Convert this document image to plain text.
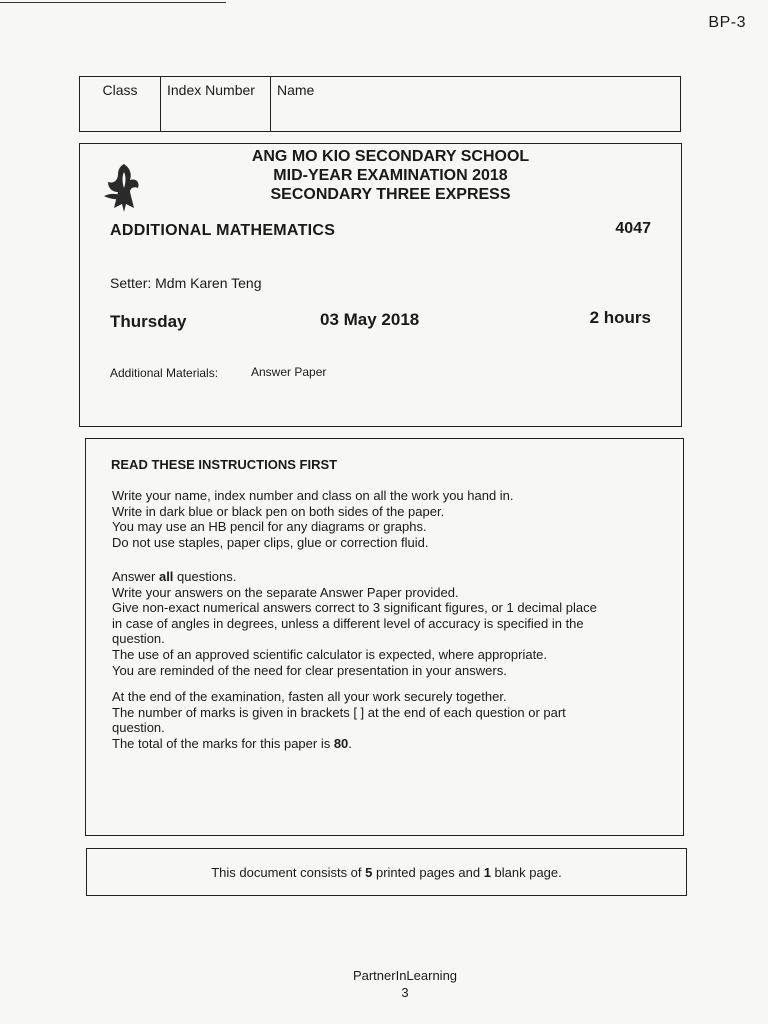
BP-3
Class	Index Number	Name
ANG MO KIO SECONDARY SCHOOL
MID-YEAR EXAMINATION 2018
SECONDARY THREE EXPRESS
ADDITIONAL MATHEMATICS	4047
Setter: Mdm Karen Teng
Thursday	03 May 2018	2 hours
Additional Materials:	Answer Paper
READ THESE INSTRUCTIONS FIRST
Write your name, index number and class on all the work you hand in.
Write in dark blue or black pen on both sides of the paper.
You may use an HB pencil for any diagrams or graphs.
Do not use staples, paper clips, glue or correction fluid.
Answer all questions.
Write your answers on the separate Answer Paper provided.
Give non-exact numerical answers correct to 3 significant figures, or 1 decimal place
in case of angles in degrees, unless a different level of accuracy is specified in the
question.
The use of an approved scientific calculator is expected, where appropriate.
You are reminded of the need for clear presentation in your answers.
At the end of the examination, fasten all your work securely together.
The number of marks is given in brackets [ ] at the end of each question or part
question.
The total of the marks for this paper is 80.
This document consists of 5 printed pages and 1 blank page.
PartnerInLearning
3
